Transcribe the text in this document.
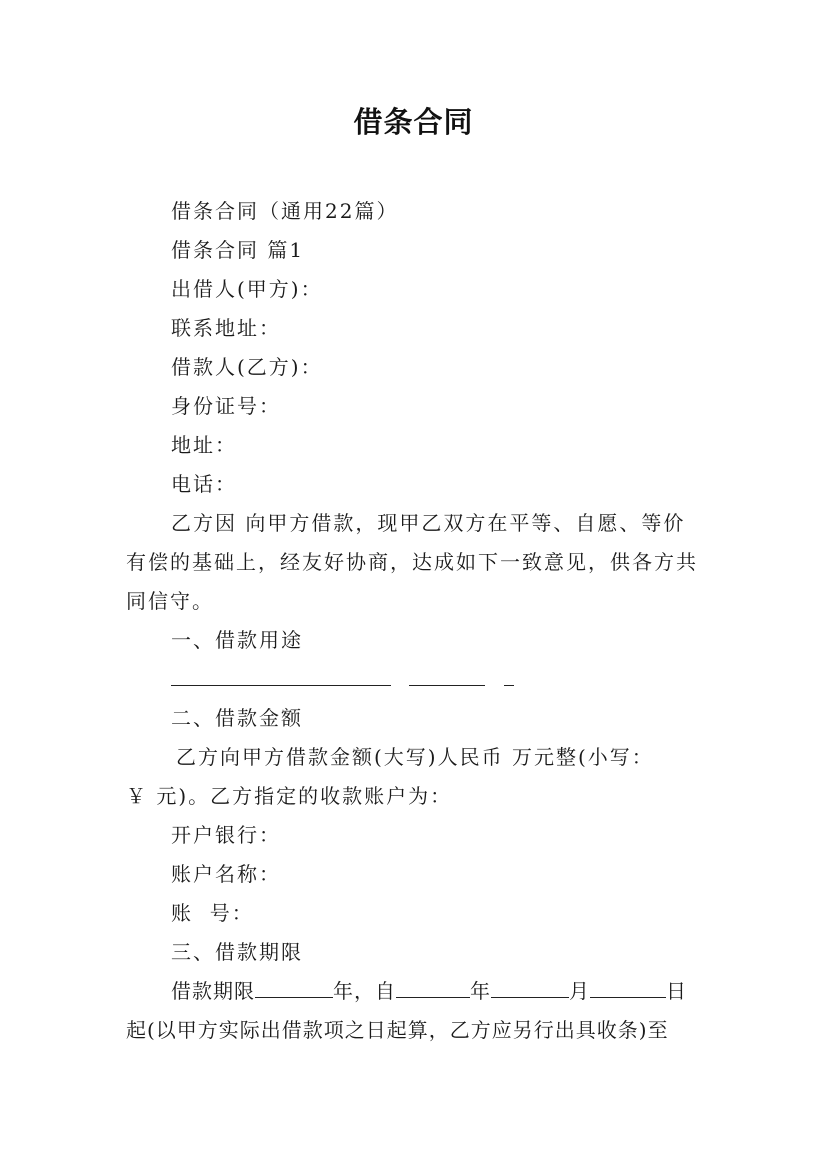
借条合同
借条合同（通用22篇）
借条合同 篇1
出借人(甲方)：
联系地址：
借款人(乙方)：
身份证号：
地址：
电话：
乙方因 向甲方借款，现甲乙双方在平等、自愿、等价
有偿的基础上，经友好协商，达成如下一致意见，供各方共
同信守。
一、借款用途

二、借款金额
乙方向甲方借款金额(大写)人民币 万元整(小写：
￥ 元)。乙方指定的收款账户为：
开户银行：
账户名称：
账  号：
三、借款期限
借款期限	年，自	年	月	日
起(以甲方实际出借款项之日起算，乙方应另行出具收条)至
